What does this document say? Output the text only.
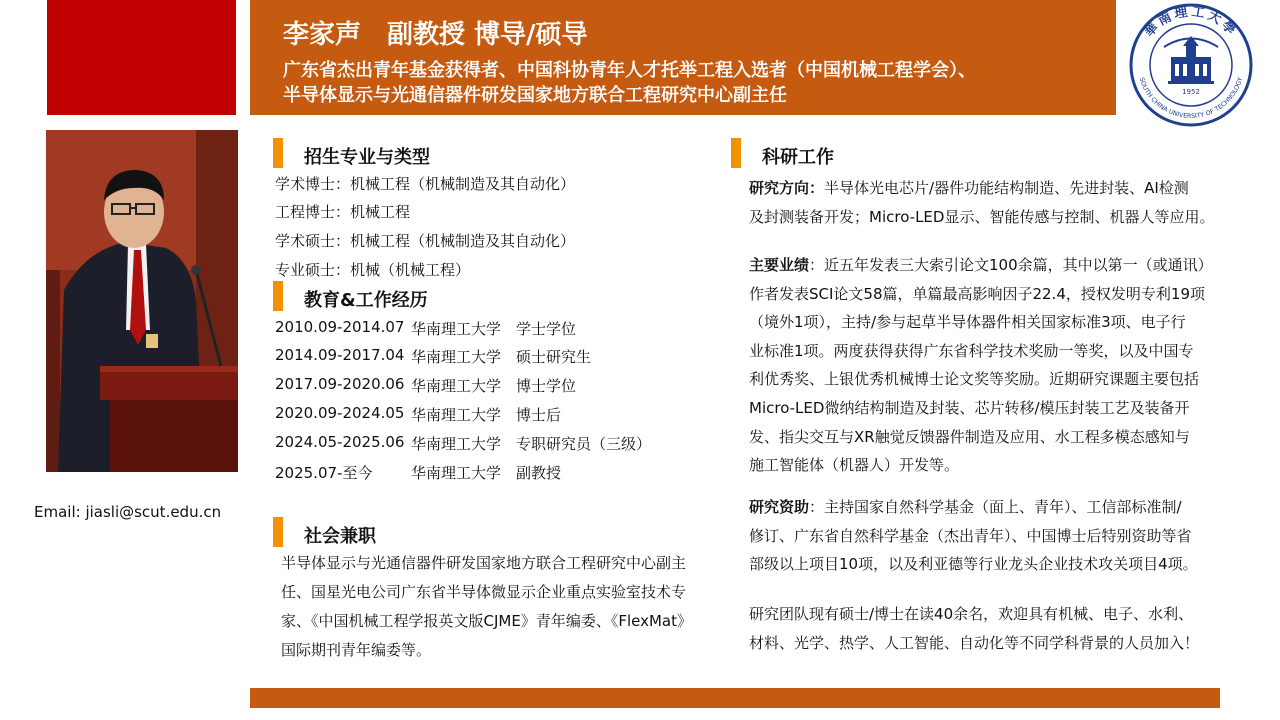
李家声　副教授 博导/硕导
广东省杰出青年基金获得者、中国科协青年人才托举工程入选者（中国机械工程学会）、
半导体显示与光通信器件研发国家地方联合工程研究中心副主任
華南理工大學
SOUTH CHINA UNIVERSITY OF TECHNOLOGY
1952
Email: jiasli@scut.edu.cn
招生专业与类型
学术博士：机械工程（机械制造及其自动化）
工程博士：机械工程
学术硕士：机械工程（机械制造及其自动化）
专业硕士：机械（机械工程）
教育&工作经历
2010.09-2014.07 华南理工大学 学士学位
2014.09-2017.04 华南理工大学 硕士研究生
2017.09-2020.06 华南理工大学 博士学位
2020.09-2024.05 华南理工大学 博士后
2024.05-2025.06 华南理工大学 专职研究员（三级）
2025.07-至今	华南理工大学 副教授
社会兼职
半导体显示与光通信器件研发国家地方联合工程研究中心副主
任、国星光电公司广东省半导体微显示企业重点实验室技术专
家、《中国机械工程学报英文版CJME》青年编委、《FlexMat》
国际期刊青年编委等。
科研工作
研究方向：半导体光电芯片/器件功能结构制造、先进封装、AI检测
及封测装备开发；Micro-LED显示、智能传感与控制、机器人等应用。
主要业绩：近五年发表三大索引论文100余篇，其中以第一（或通讯）
作者发表SCI论文58篇，单篇最高影响因子22.4，授权发明专利19项
（境外1项），主持/参与起草半导体器件相关国家标准3项、电子行
业标准1项。两度获得获得广东省科学技术奖励一等奖，以及中国专
利优秀奖、上银优秀机械博士论文奖等奖励。近期研究课题主要包括
Micro-LED微纳结构制造及封装、芯片转移/模压封装工艺及装备开
发、指尖交互与XR触觉反馈器件制造及应用、水工程多模态感知与
施工智能体（机器人）开发等。
研究资助：主持国家自然科学基金（面上、青年）、工信部标准制/
修订、广东省自然科学基金（杰出青年）、中国博士后特别资助等省
部级以上项目10项，以及利亚德等行业龙头企业技术攻关项目4项。
研究团队现有硕士/博士在读40余名，欢迎具有机械、电子、水利、
材料、光学、热学、人工智能、自动化等不同学科背景的人员加入！
